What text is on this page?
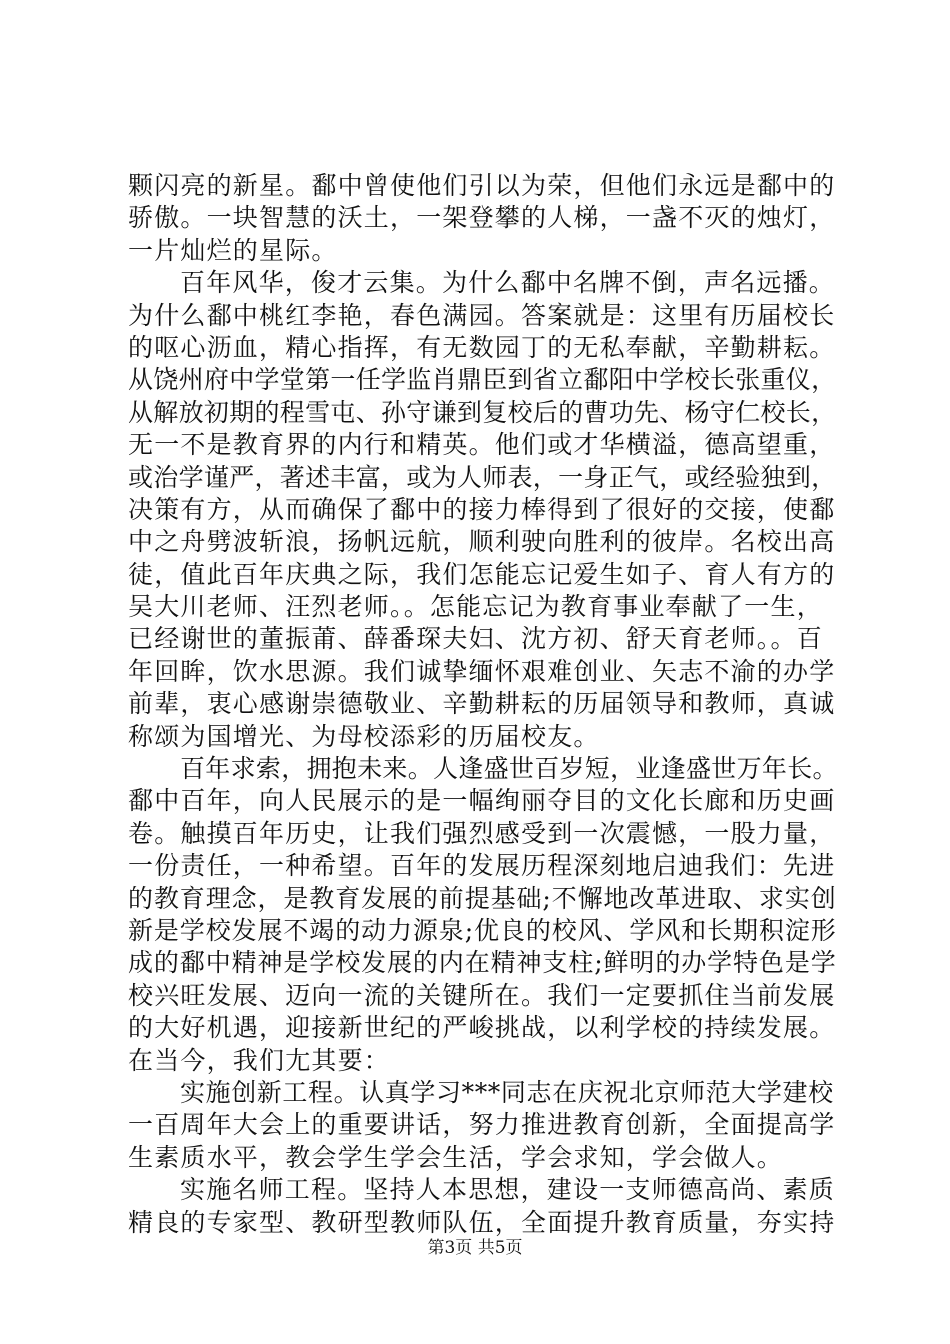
颗闪亮的新星。鄱中曾使他们引以为荣，但他们永远是鄱中的
骄傲。一块智慧的沃土，一架登攀的人梯，一盏不灭的烛灯，
一片灿烂的星际。
百年风华，俊才云集。为什么鄱中名牌不倒，声名远播。
为什么鄱中桃红李艳，春色满园。答案就是：这里有历届校长
的呕心沥血，精心指挥，有无数园丁的无私奉献，辛勤耕耘。
从饶州府中学堂第一任学监肖鼎臣到省立鄱阳中学校长张重仪，
从解放初期的程雪屯、孙守谦到复校后的曹功先、杨守仁校长，
无一不是教育界的内行和精英。他们或才华横溢，德高望重，
或治学谨严，著述丰富，或为人师表，一身正气，或经验独到，
决策有方，从而确保了鄱中的接力棒得到了很好的交接，使鄱
中之舟劈波斩浪，扬帆远航，顺利驶向胜利的彼岸。名校出高
徒，值此百年庆典之际，我们怎能忘记爱生如子、育人有方的
吴大川老师、汪烈老师。。怎能忘记为教育事业奉献了一生，
已经谢世的董振莆、薛番琛夫妇、沈方初、舒天育老师。。百
年回眸，饮水思源。我们诚挚缅怀艰难创业、矢志不渝的办学
前辈，衷心感谢崇德敬业、辛勤耕耘的历届领导和教师，真诚
称颂为国增光、为母校添彩的历届校友。
百年求索，拥抱未来。人逢盛世百岁短，业逢盛世万年长。
鄱中百年，向人民展示的是一幅绚丽夺目的文化长廊和历史画
卷。触摸百年历史，让我们强烈感受到一次震憾，一股力量，
一份责任，一种希望。百年的发展历程深刻地启迪我们：先进
的教育理念，是教育发展的前提基础;不懈地改革进取、求实创
新是学校发展不竭的动力源泉;优良的校风、学风和长期积淀形
成的鄱中精神是学校发展的内在精神支柱;鲜明的办学特色是学
校兴旺发展、迈向一流的关键所在。我们一定要抓住当前发展
的大好机遇，迎接新世纪的严峻挑战，以利学校的持续发展。
在当今，我们尢其要：
实施创新工程。认真学习***同志在庆祝北京师范大学建校
一百周年大会上的重要讲话，努力推进教育创新，全面提高学
生素质水平，教会学生学会生活，学会求知，学会做人。
实施名师工程。坚持人本思想，建设一支师德高尚、素质
精良的专家型、教研型教师队伍，全面提升教育质量，夯实持
第3页 共5页
